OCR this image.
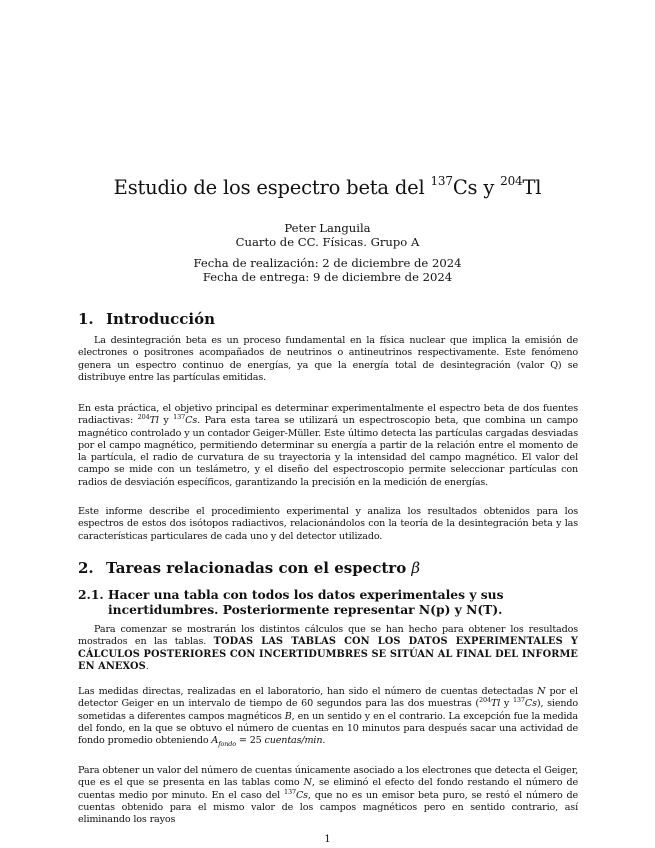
Estudio de los espectro beta del $^{137}$Cs y $^{204}$Tl
Peter Languila
Cuarto de CC. Físicas. Grupo A
Fecha de realización: 2 de diciembre de 2024
Fecha de entrega: 9 de diciembre de 2024
1. Introducción
La desintegración beta es un proceso fundamental en la física nuclear que implica la emisión de electrones o positrones acompañados de neutrinos o antineutrinos respectivamente. Este fenómeno genera un espectro continuo de energías, ya que la energía total de desintegración (valor Q) se distribuye entre las partículas emitidas.
En esta práctica, el objetivo principal es determinar experimentalmente el espectro beta de dos fuentes radiactivas: $^{204}$Tl y $^{137}$Cs. Para esta tarea se utilizará un espectroscopio beta, que combina un campo magnético controlado y un contador Geiger-Müller. Este último detecta las partículas cargadas desviadas por el campo magnético, permitiendo determinar su energía a partir de la relación entre el momento de la partícula, el radio de curvatura de su trayectoria y la intensidad del campo magnético. El valor del campo se mide con un teslámetro, y el diseño del espectroscopio permite seleccionar partículas con radios de desviación específicos, garantizando la precisión en la medición de energías.
Este informe describe el procedimiento experimental y analiza los resultados obtenidos para los espectros de estos dos isótopos radiactivos, relacionándolos con la teoría de la desintegración beta y las características particulares de cada uno y del detector utilizado.
2. Tareas relacionadas con el espectro β
2.1. Hacer una tabla con todos los datos experimentales y sus incertidumbres. Posteriormente representar N(p) y N(T).
Para comenzar se mostrarán los distintos cálculos que se han hecho para obtener los resultados mostrados en las tablas. TODAS LAS TABLAS CON LOS DATOS EXPERIMENTALES Y CÁLCULOS POSTERIORES CON INCERTIDUMBRES SE SITÚAN AL FINAL DEL INFORME EN ANEXOS.
Las medidas directas, realizadas en el laboratorio, han sido el número de cuentas detectadas N por el detector Geiger en un intervalo de tiempo de 60 segundos para las dos muestras ($^{204}$Tl y $^{137}$Cs), siendo sometidas a diferentes campos magnéticos B, en un sentido y en el contrario. La excepción fue la medida del fondo, en la que se obtuvo el número de cuentas en 10 minutos para después sacar una actividad de fondo promedio obteniendo $A_{fondo} = 25$ cuentas/min.
Para obtener un valor del número de cuentas únicamente asociado a los electrones que detecta el Geiger, que es el que se presenta en las tablas como N, se eliminó el efecto del fondo restando el número de cuentas medio por minuto. En el caso del $^{137}$Cs, que no es un emisor beta puro, se restó el número de cuentas obtenido para el mismo valor de los campos magnéticos pero en sentido contrario, así eliminando los rayos
1
